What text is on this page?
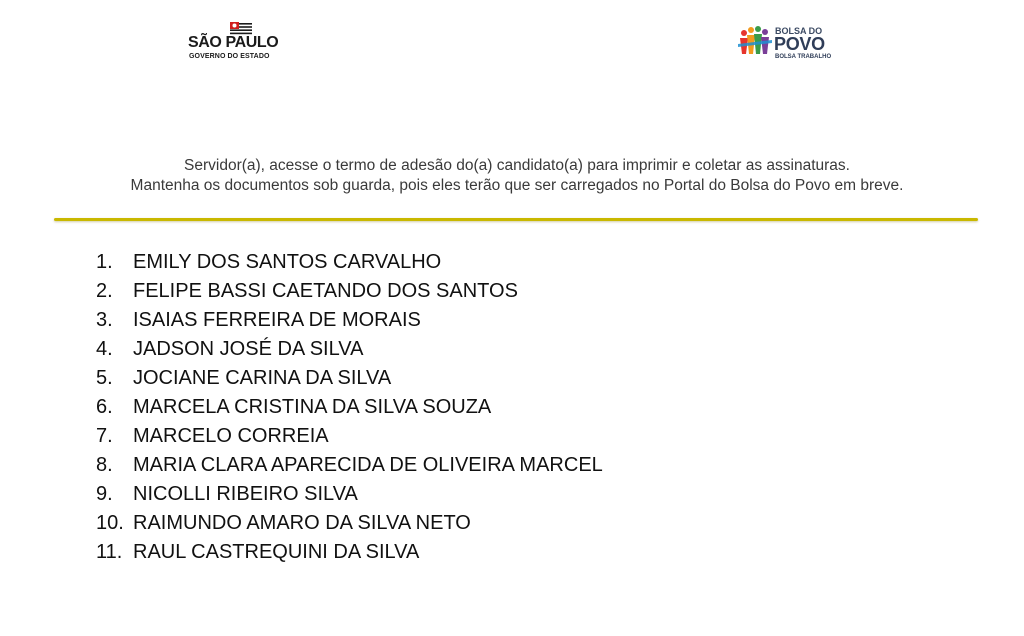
SÃO PAULO
GOVERNO DO ESTADO
BOLSA DO
POVO
BOLSA TRABALHO
Servidor(a), acesse o termo de adesão do(a) candidato(a) para imprimir e coletar as assinaturas.
Mantenha os documentos sob guarda, pois eles terão que ser carregados no Portal do Bolsa do Povo em breve.
1. EMILY DOS SANTOS CARVALHO
2. FELIPE BASSI CAETANDO DOS SANTOS
3. ISAIAS FERREIRA DE MORAIS
4. JADSON JOSÉ DA SILVA
5. JOCIANE CARINA DA SILVA
6. MARCELA CRISTINA DA SILVA SOUZA
7. MARCELO CORREIA
8. MARIA CLARA APARECIDA DE OLIVEIRA MARCEL
9. NICOLLI RIBEIRO SILVA
10. RAIMUNDO AMARO DA SILVA NETO
11. RAUL CASTREQUINI DA SILVA
